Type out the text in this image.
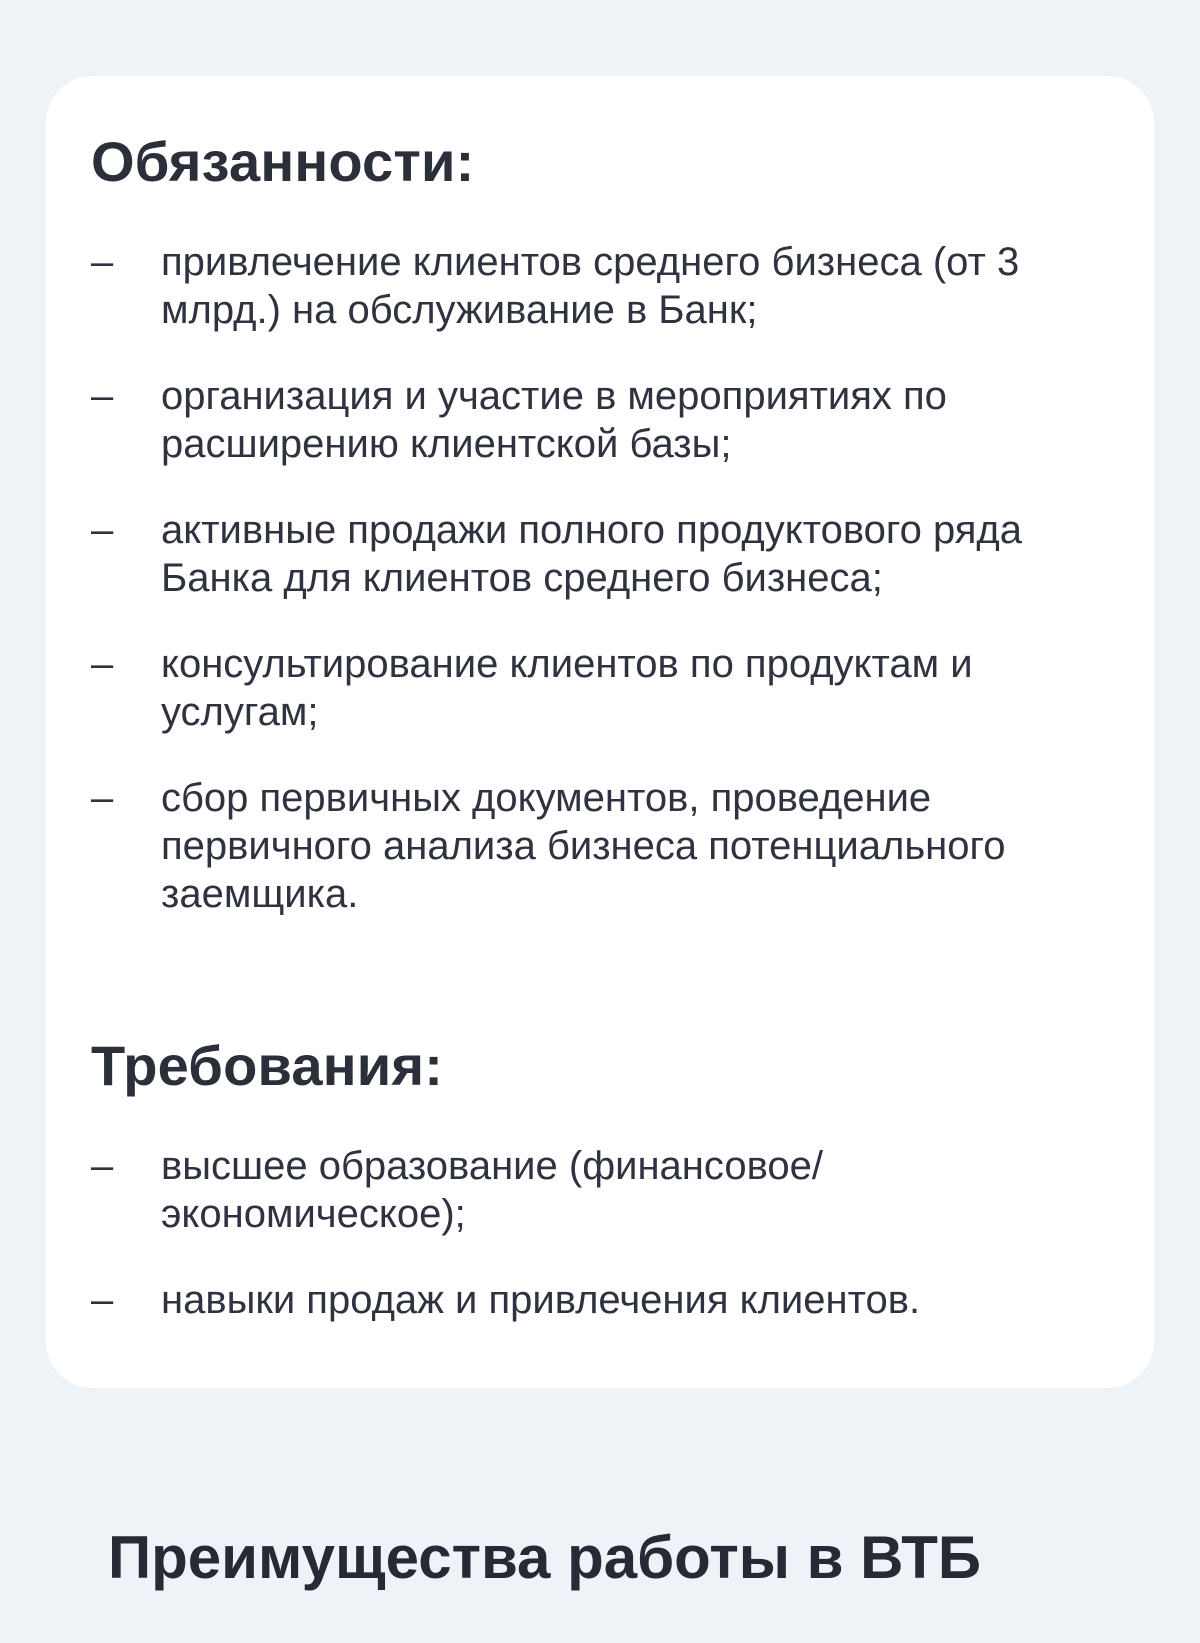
Обязанности:
–	привлечение клиентов среднего бизнеса (от 3 млрд.) на обслуживание в Банк;
–	организация и участие в мероприятиях по расширению клиентской базы;
–	активные продажи полного продуктового ряда Банка для клиентов среднего бизнеса;
–	консультирование клиентов по продуктам и услугам;
–	сбор первичных документов, проведение первичного анализа бизнеса потенциального заемщика.
Требования:
–	высшее образование (финансовое/ экономическое);
–	навыки продаж и привлечения клиентов.
Преимущества работы в ВТБ
